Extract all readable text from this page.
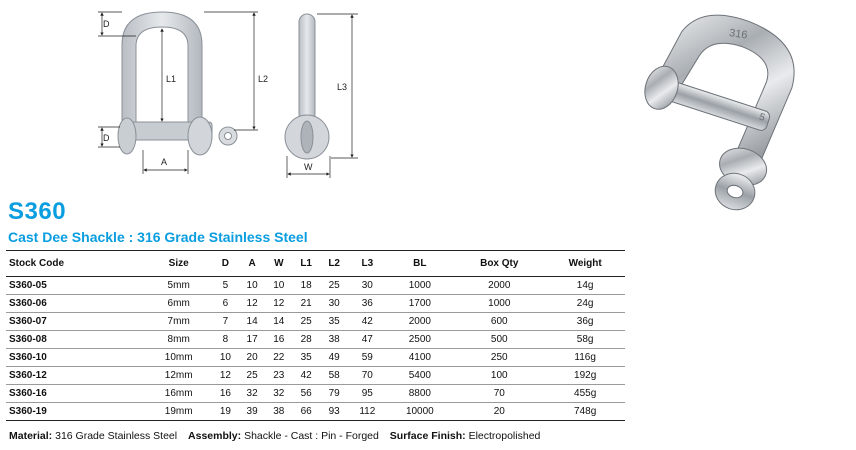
D
D
L1	L2
A
L3
W
316
5
S360
Cast Dee Shackle : 316 Grade Stainless Steel
Stock Code	Size	D	A	W	L1	L2	L3	BL	Box Qty	Weight
S360-05	5mm	5	10	10	18	25	30	1000	2000	14g
S360-06	6mm	6	12	12	21	30	36	1700	1000	24g
S360-07	7mm	7	14	14	25	35	42	2000	600	36g
S360-08	8mm	8	17	16	28	38	47	2500	500	58g
S360-10	10mm	10	20	22	35	49	59	4100	250	116g
S360-12	12mm	12	25	23	42	58	70	5400	100	192g
S360-16	16mm	16	32	32	56	79	95	8800	70	455g
S360-19	19mm	19	39	38	66	93	112	10000	20	748g
Material: 316 Grade Stainless Steel Assembly: Shackle - Cast : Pin - Forged Surface Finish: Electropolished
